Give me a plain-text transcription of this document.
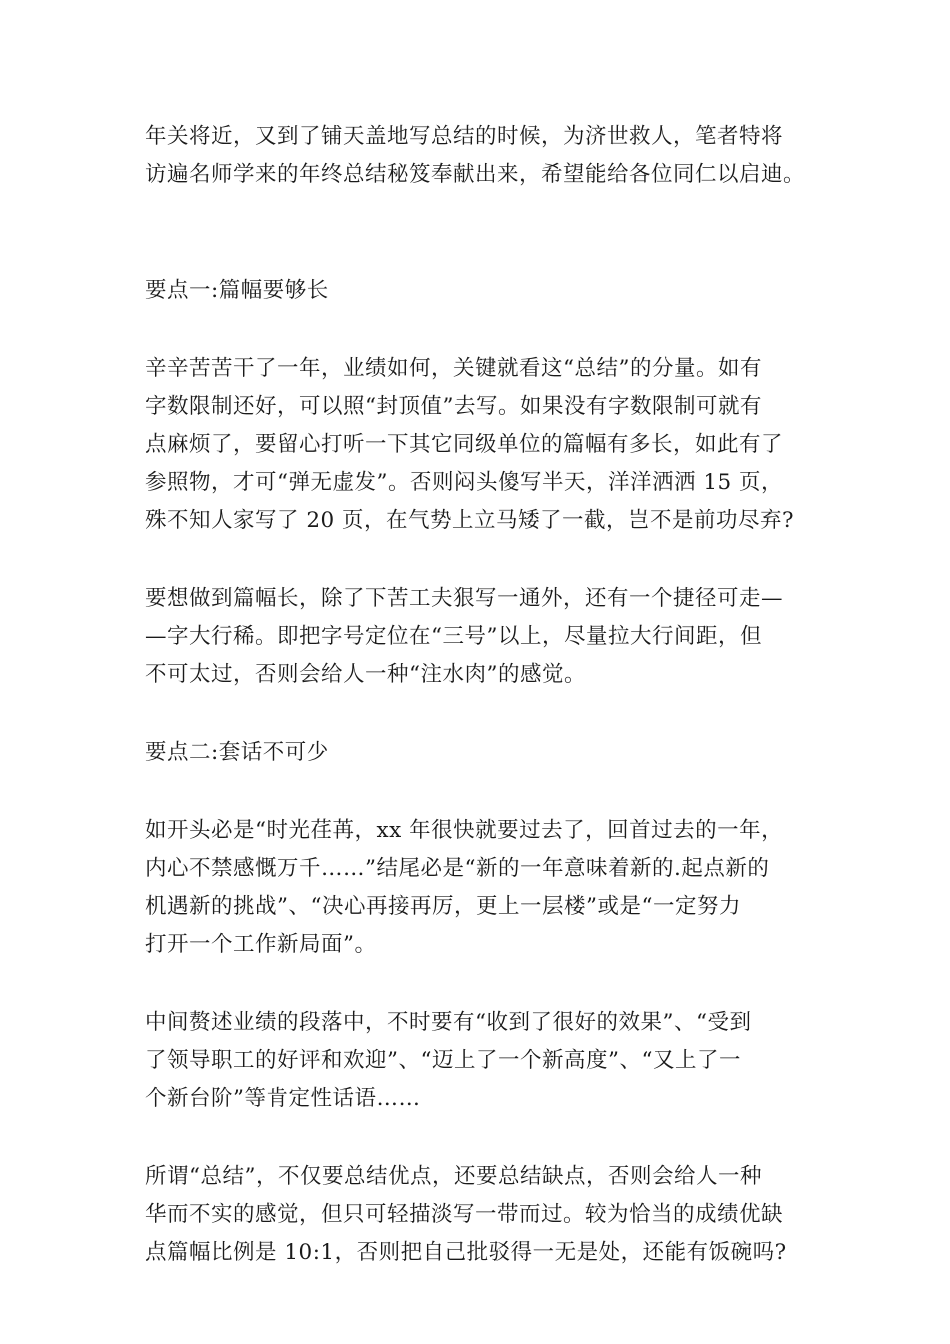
年关将近，又到了铺天盖地写总结的时候，为济世救人，笔者特将
访遍名师学来的年终总结秘笈奉献出来，希望能给各位同仁以启迪。

要点一:篇幅要够长

辛辛苦苦干了一年，业绩如何，关键就看这“总结”的分量。如有
字数限制还好，可以照“封顶值”去写。如果没有字数限制可就有
点麻烦了，要留心打听一下其它同级单位的篇幅有多长，如此有了
参照物，才可“弹无虚发”。否则闷头傻写半天，洋洋洒洒 15 页，
殊不知人家写了 20 页，在气势上立马矮了一截，岂不是前功尽弃?

要想做到篇幅长，除了下苦工夫狠写一通外，还有一个捷径可走—
—字大行稀。即把字号定位在“三号”以上，尽量拉大行间距，但
不可太过，否则会给人一种“注水肉”的感觉。

要点二:套话不可少

如开头必是“时光荏苒，xx 年很快就要过去了，回首过去的一年，
内心不禁感慨万千……”结尾必是“新的一年意味着新的.起点新的
机遇新的挑战”、“决心再接再厉，更上一层楼”或是“一定努力
打开一个工作新局面”。

中间赘述业绩的段落中，不时要有“收到了很好的效果”、“受到
了领导职工的好评和欢迎”、“迈上了一个新高度”、“又上了一
个新台阶”等肯定性话语……

所谓“总结”，不仅要总结优点，还要总结缺点，否则会给人一种
华而不实的感觉，但只可轻描淡写一带而过。较为恰当的成绩优缺
点篇幅比例是 10:1，否则把自己批驳得一无是处，还能有饭碗吗?
